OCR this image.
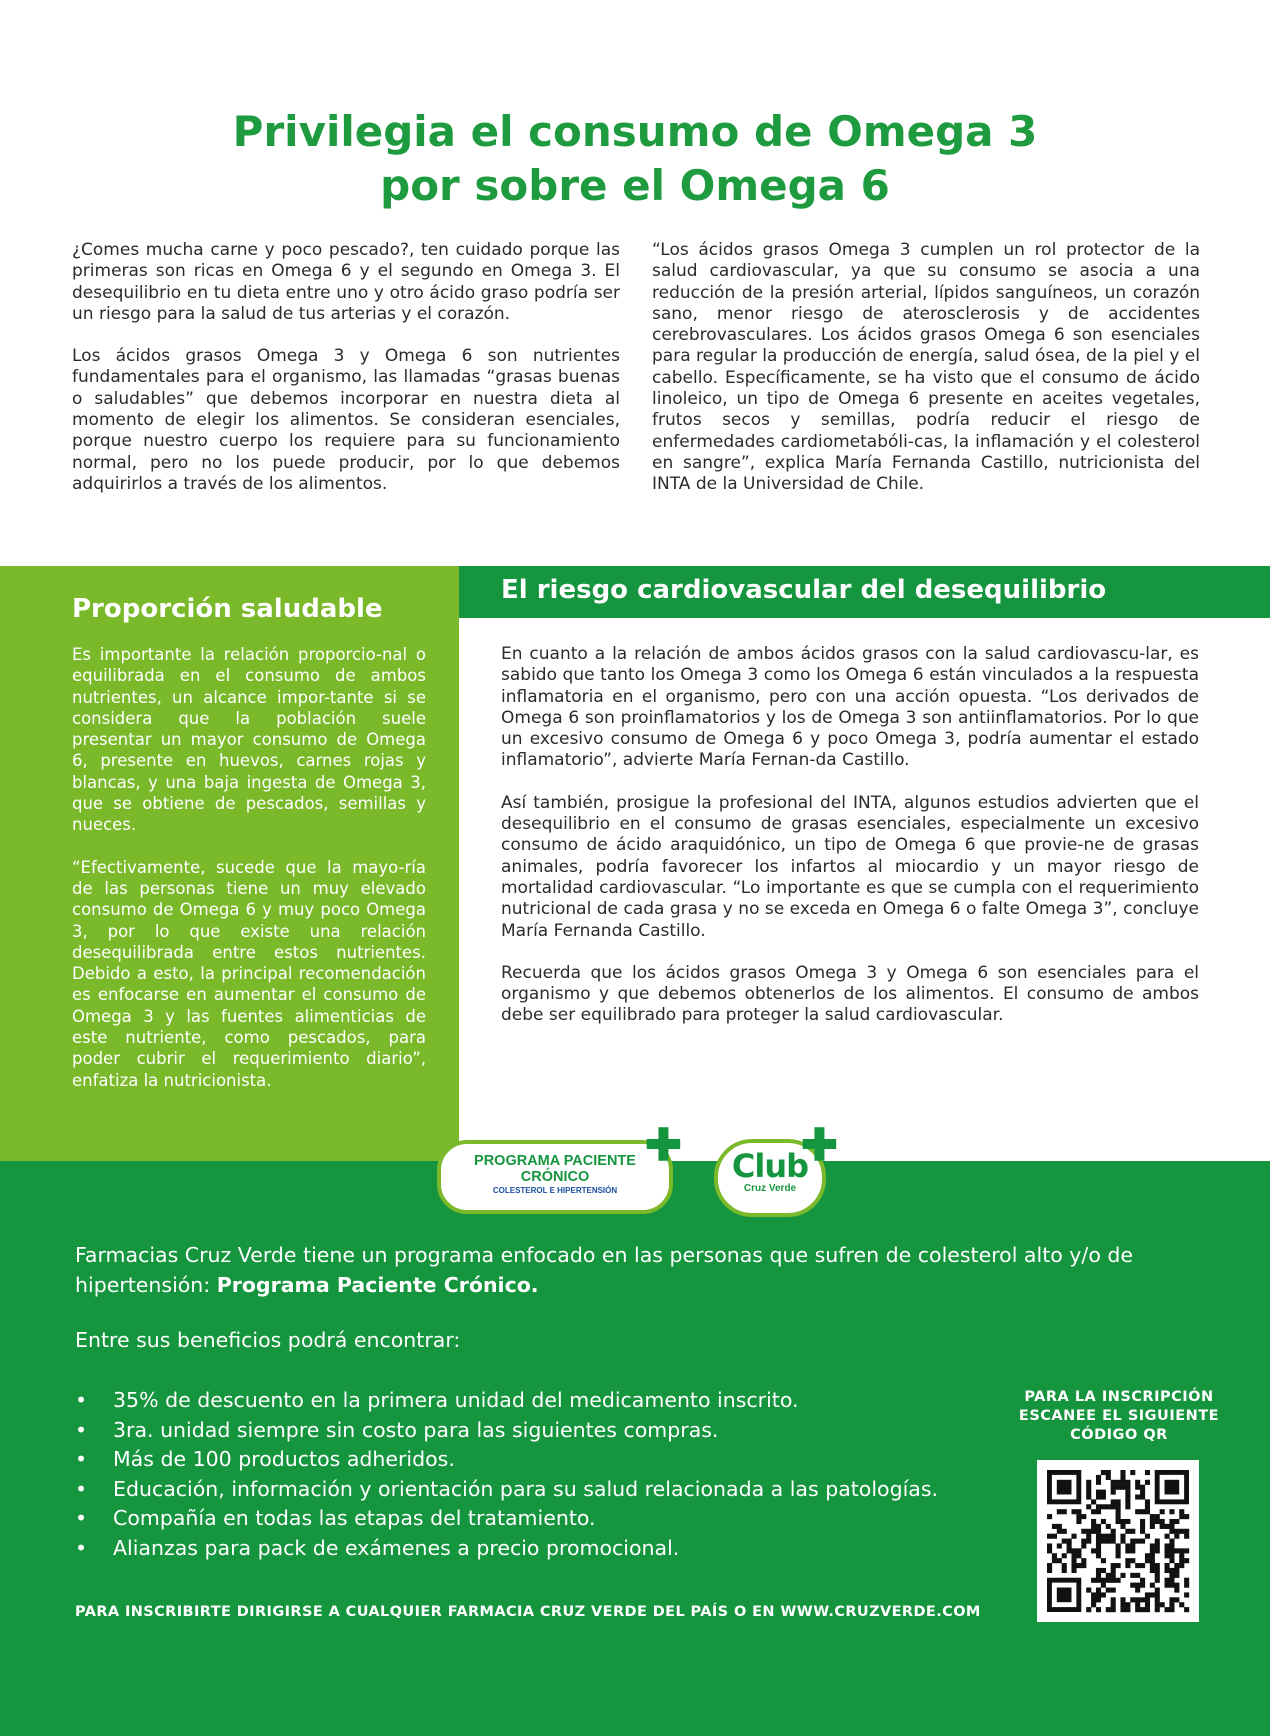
Privilegia el consumo de Omega 3
por sobre el Omega 6

¿Comes mucha carne y poco pescado?, ten cuidado porque las primeras son ricas en Omega 6 y el segundo en Omega 3. El desequilibrio en tu dieta entre uno y otro ácido graso podría ser un riesgo para la salud de tus arterias y el corazón.

Los ácidos grasos Omega 3 y Omega 6 son nutrientes fundamentales para el organismo, las llamadas “grasas buenas o saludables” que debemos incorporar en nuestra dieta al momento de elegir los alimentos. Se consideran esenciales, porque nuestro cuerpo los requiere para su funcionamiento normal, pero no los puede producir, por lo que debemos adquirirlos a través de los alimentos.

“Los ácidos grasos Omega 3 cumplen un rol protector de la salud cardiovascular, ya que su consumo se asocia a una reducción de la presión arterial, lípidos sanguíneos, un corazón sano, menor riesgo de aterosclerosis y de accidentes cerebrovasculares. Los ácidos grasos Omega 6 son esenciales para regular la producción de energía, salud ósea, de la piel y el cabello. Específicamente, se ha visto que el consumo de ácido linoleico, un tipo de Omega 6 presente en aceites vegetales, frutos secos y semillas, podría reducir el riesgo de enfermedades cardiometabóli-cas, la inflamación y el colesterol en sangre”, explica María Fernanda Castillo, nutricionista del INTA de la Universidad de Chile.

Proporción saludable

Es importante la relación proporcio-nal o equilibrada en el consumo de ambos nutrientes, un alcance impor-tante si se considera que la población suele presentar un mayor consumo de Omega 6, presente en huevos, carnes rojas y blancas, y una baja ingesta de Omega 3, que se obtiene de pescados, semillas y nueces.

“Efectivamente, sucede que la mayo-ría de las personas tiene un muy elevado consumo de Omega 6 y muy poco Omega 3, por lo que existe una relación desequilibrada entre estos nutrientes. Debido a esto, la principal recomendación es enfocarse en aumentar el consumo de Omega 3 y las fuentes alimenticias de este nutriente, como pescados, para poder cubrir el requerimiento diario”, enfatiza la nutricionista.

El riesgo cardiovascular del desequilibrio

En cuanto a la relación de ambos ácidos grasos con la salud cardiovascu-lar, es sabido que tanto los Omega 3 como los Omega 6 están vinculados a la respuesta inflamatoria en el organismo, pero con una acción opuesta. “Los derivados de Omega 6 son proinflamatorios y los de Omega 3 son antiinflamatorios. Por lo que un excesivo consumo de Omega 6 y poco Omega 3, podría aumentar el estado inflamatorio”, advierte María Fernan-da Castillo.

Así también, prosigue la profesional del INTA, algunos estudios advierten que el desequilibrio en el consumo de grasas esenciales, especialmente un excesivo consumo de ácido araquidónico, un tipo de Omega 6 que provie-ne de grasas animales, podría favorecer los infartos al miocardio y un mayor riesgo de mortalidad cardiovascular. “Lo importante es que se cumpla con el requerimiento nutricional de cada grasa y no se exceda en Omega 6 o falte Omega 3”, concluye María Fernanda Castillo.

Recuerda que los ácidos grasos Omega 3 y Omega 6 son esenciales para el organismo y que debemos obtenerlos de los alimentos. El consumo de ambos debe ser equilibrado para proteger la salud cardiovascular.

PROGRAMA PACIENTE
CRÓNICO
COLESTEROL E HIPERTENSIÓN
✚	Club
Cruz Verde
✚
Farmacias Cruz Verde tiene un programa enfocado en las personas que sufren de colesterol alto y/o de hipertensión: Programa Paciente Crónico.
Entre sus beneficios podrá encontrar:
• 35% de descuento en la primera unidad del medicamento inscrito.
• 3ra. unidad siempre sin costo para las siguientes compras.
• Más de 100 productos adheridos.
• Educación, información y orientación para su salud relacionada a las patologías.
• Compañía en todas las etapas del tratamiento.
• Alianzas para pack de exámenes a precio promocional.
PARA INSCRIBIRTE DIRIGIRSE A CUALQUIER FARMACIA CRUZ VERDE DEL PAÍS O EN WWW.CRUZVERDE.COM
PARA LA INSCRIPCIÓN
ESCANEE EL SIGUIENTE
CÓDIGO QR
